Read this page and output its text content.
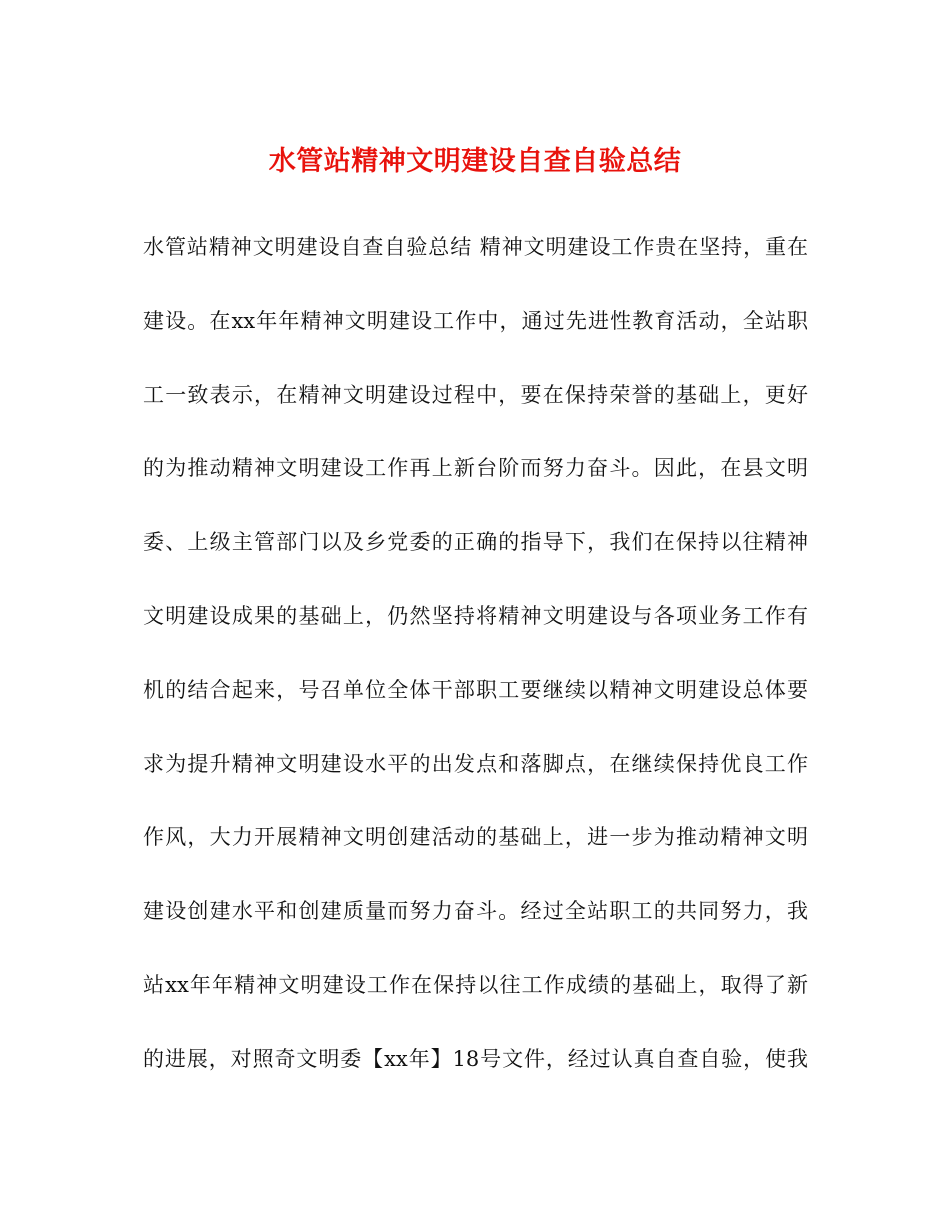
水管站精神文明建设自查自验总结
水管站精神文明建设自查自验总结 精神文明建设工作贵在坚持，重在
建设。在xx年年精神文明建设工作中，通过先进性教育活动，全站职
工一致表示，在精神文明建设过程中，要在保持荣誉的基础上，更好
的为推动精神文明建设工作再上新台阶而努力奋斗。因此，在县文明
委、上级主管部门以及乡党委的正确的指导下，我们在保持以往精神
文明建设成果的基础上，仍然坚持将精神文明建设与各项业务工作有
机的结合起来，号召单位全体干部职工要继续以精神文明建设总体要
求为提升精神文明建设水平的出发点和落脚点，在继续保持优良工作
作风，大力开展精神文明创建活动的基础上，进一步为推动精神文明
建设创建水平和创建质量而努力奋斗。经过全站职工的共同努力，我
站xx年年精神文明建设工作在保持以往工作成绩的基础上，取得了新
的进展，对照奇文明委【xx年】18号文件，经过认真自查自验，使我
